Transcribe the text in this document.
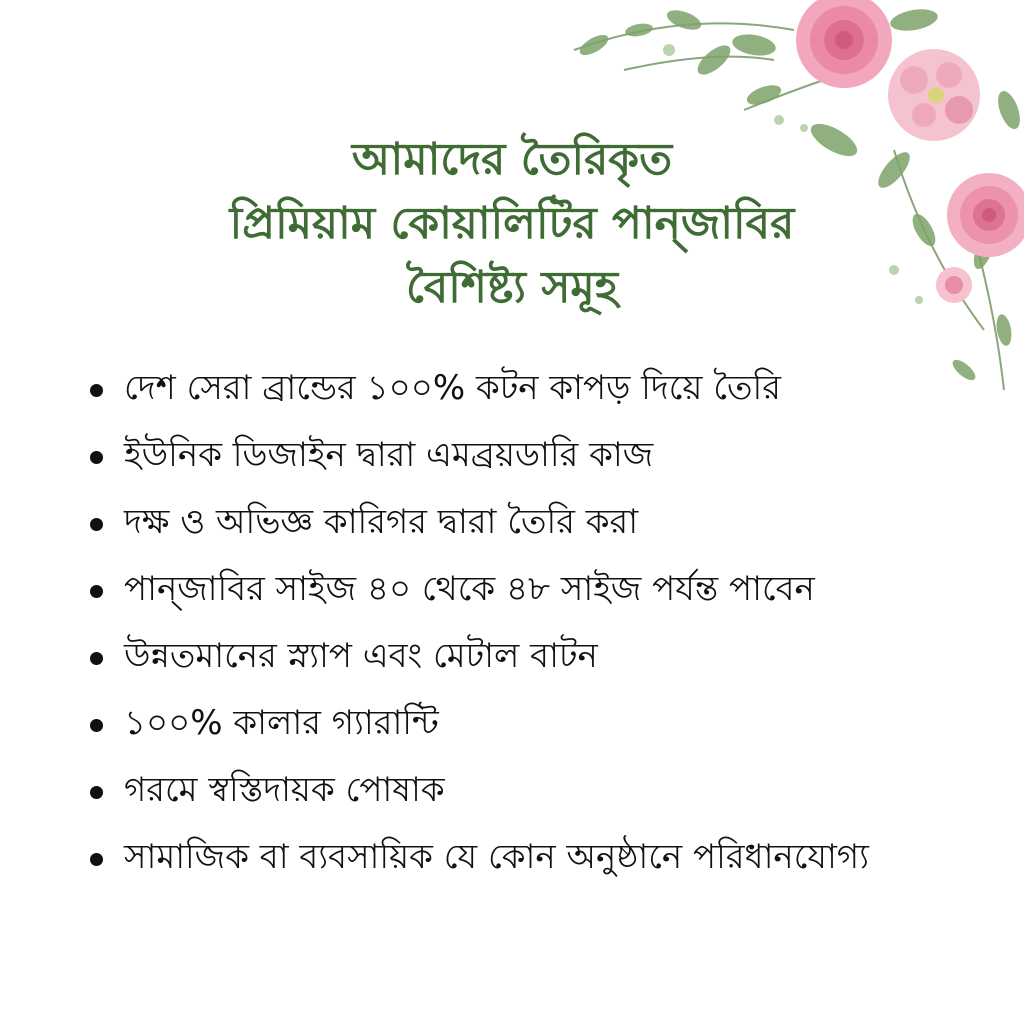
আমাদের তৈরিকৃত
প্রিমিয়াম কোয়ালিটির পান্জাবির
বৈশিষ্ট্য সমূহ
দেশ সেরা ব্রান্ডের ১০০% কটন কাপড় দিয়ে তৈরি
ইউনিক ডিজাইন দ্বারা এমব্রয়ডারি কাজ
দক্ষ ও অভিজ্ঞ কারিগর দ্বারা তৈরি করা
পান্জাবির সাইজ ৪০ থেকে ৪৮ সাইজ পর্যন্ত পাবেন
উন্নতমানের স্ন্যাপ এবং মেটাল বাটন
১০০% কালার গ্যারান্টি
গরমে স্বস্তিদায়ক পোষাক
সামাজিক বা ব্যবসায়িক যে কোন অনুষ্ঠানে পরিধানযোগ্য
